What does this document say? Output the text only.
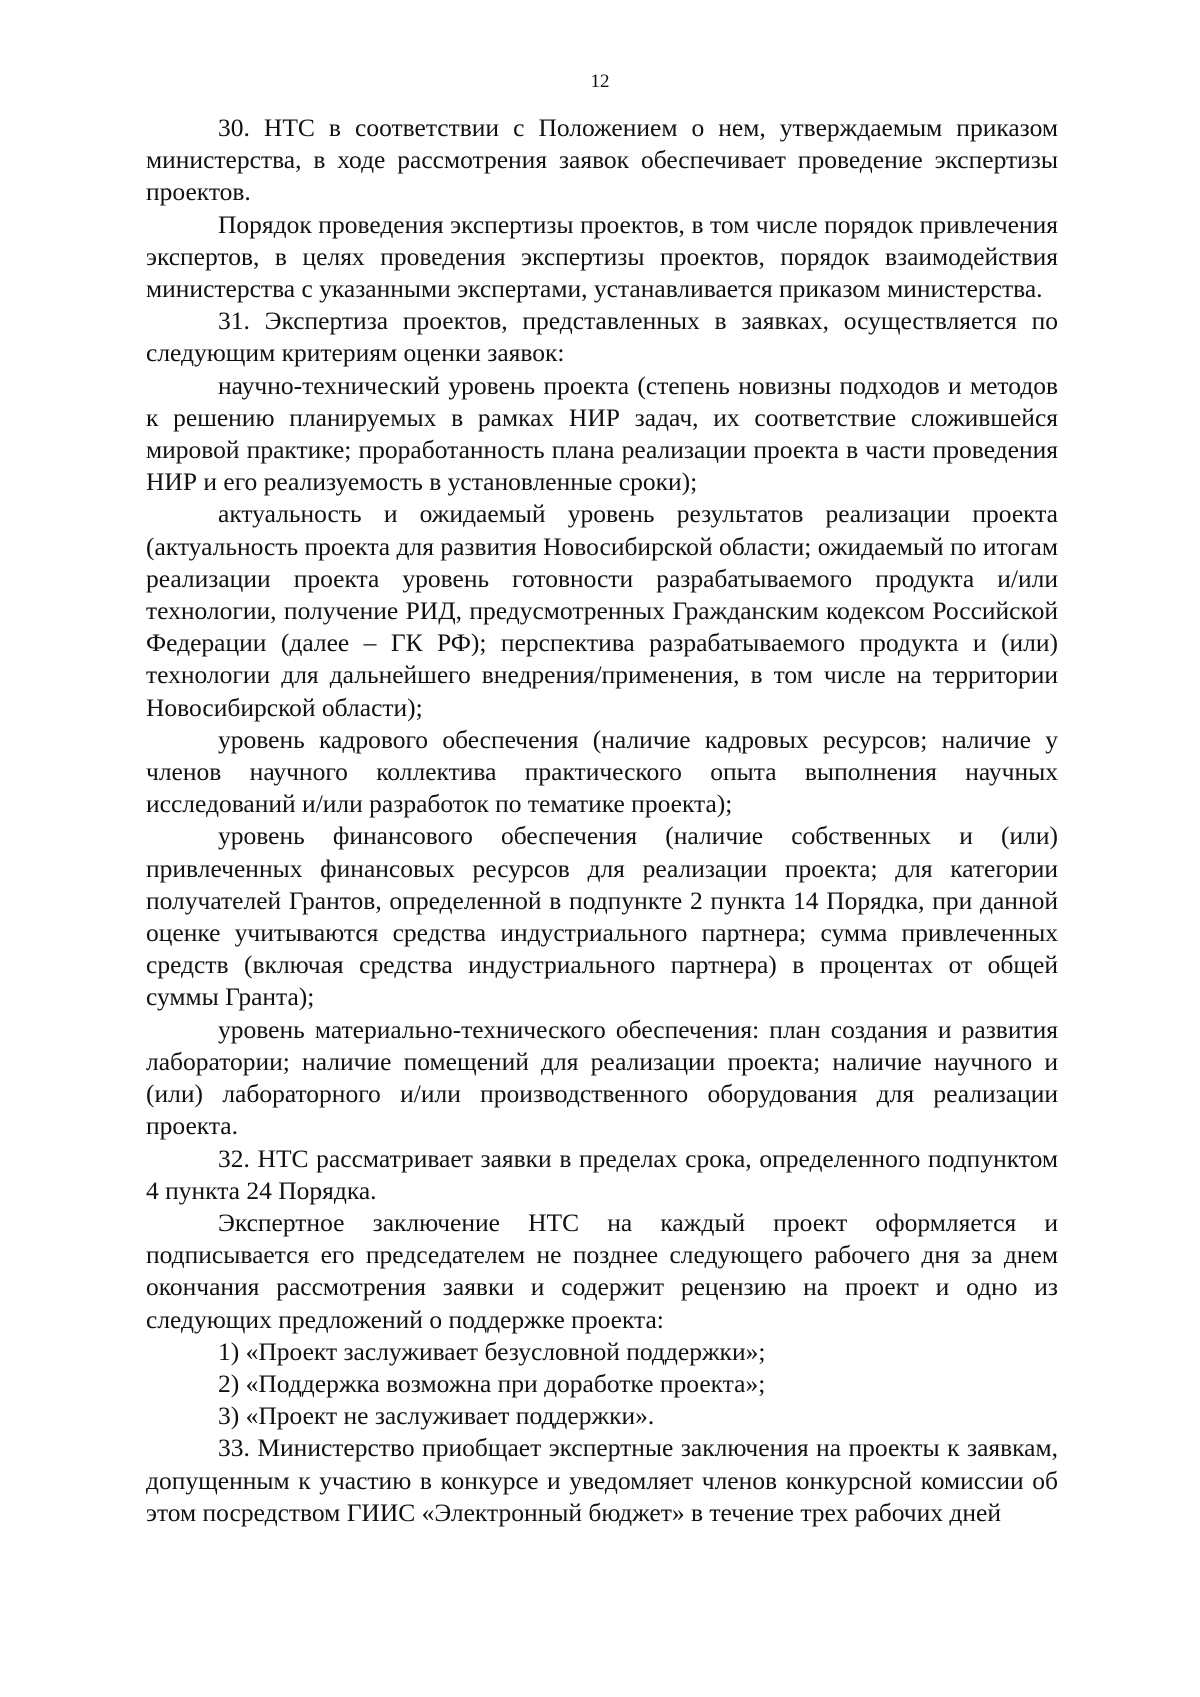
12

30. НТС в соответствии с Положением о нем, утверждаемым приказом министерства, в ходе рассмотрения заявок обеспечивает проведение экспертизы проектов.

Порядок проведения экспертизы проектов, в том числе порядок привлечения экспертов, в целях проведения экспертизы проектов, порядок взаимодействия министерства с указанными экспертами, устанавливается приказом министерства.

31. Экспертиза проектов, представленных в заявках, осуществляется по следующим критериям оценки заявок:

научно-технический уровень проекта (степень новизны подходов и методов к решению планируемых в рамках НИР задач, их соответствие сложившейся мировой практике; проработанность плана реализации проекта в части проведения НИР и его реализуемость в установленные сроки);

актуальность и ожидаемый уровень результатов реализации проекта (актуальность проекта для развития Новосибирской области; ожидаемый по итогам реализации проекта уровень готовности разрабатываемого продукта и/или технологии, получение РИД, предусмотренных Гражданским кодексом Российской Федерации (далее – ГК РФ); перспектива разрабатываемого продукта и (или) технологии для дальнейшего внедрения/применения, в том числе на территории Новосибирской области);

уровень кадрового обеспечения (наличие кадровых ресурсов; наличие у членов научного коллектива практического опыта выполнения научных исследований и/или разработок по тематике проекта);

уровень финансового обеспечения (наличие собственных и (или) привлеченных финансовых ресурсов для реализации проекта; для категории получателей Грантов, определенной в подпункте 2 пункта 14 Порядка, при данной оценке учитываются средства индустриального партнера; сумма привлеченных средств (включая средства индустриального партнера) в процентах от общей суммы Гранта);

уровень материально-технического обеспечения: план создания и развития лаборатории; наличие помещений для реализации проекта; наличие научного и (или) лабораторного и/или производственного оборудования для реализации проекта.

32. НТС рассматривает заявки в пределах срока, определенного подпунктом 4 пункта 24 Порядка.

Экспертное заключение НТС на каждый проект оформляется и подписывается его председателем не позднее следующего рабочего дня за днем окончания рассмотрения заявки и содержит рецензию на проект и одно из следующих предложений о поддержке проекта:

1) «Проект заслуживает безусловной поддержки»;

2) «Поддержка возможна при доработке проекта»;

3) «Проект не заслуживает поддержки».

33. Министерство приобщает экспертные заключения на проекты к заявкам, допущенным к участию в конкурсе и уведомляет членов конкурсной комиссии об этом посредством ГИИС «Электронный бюджет» в течение трех рабочих дней
